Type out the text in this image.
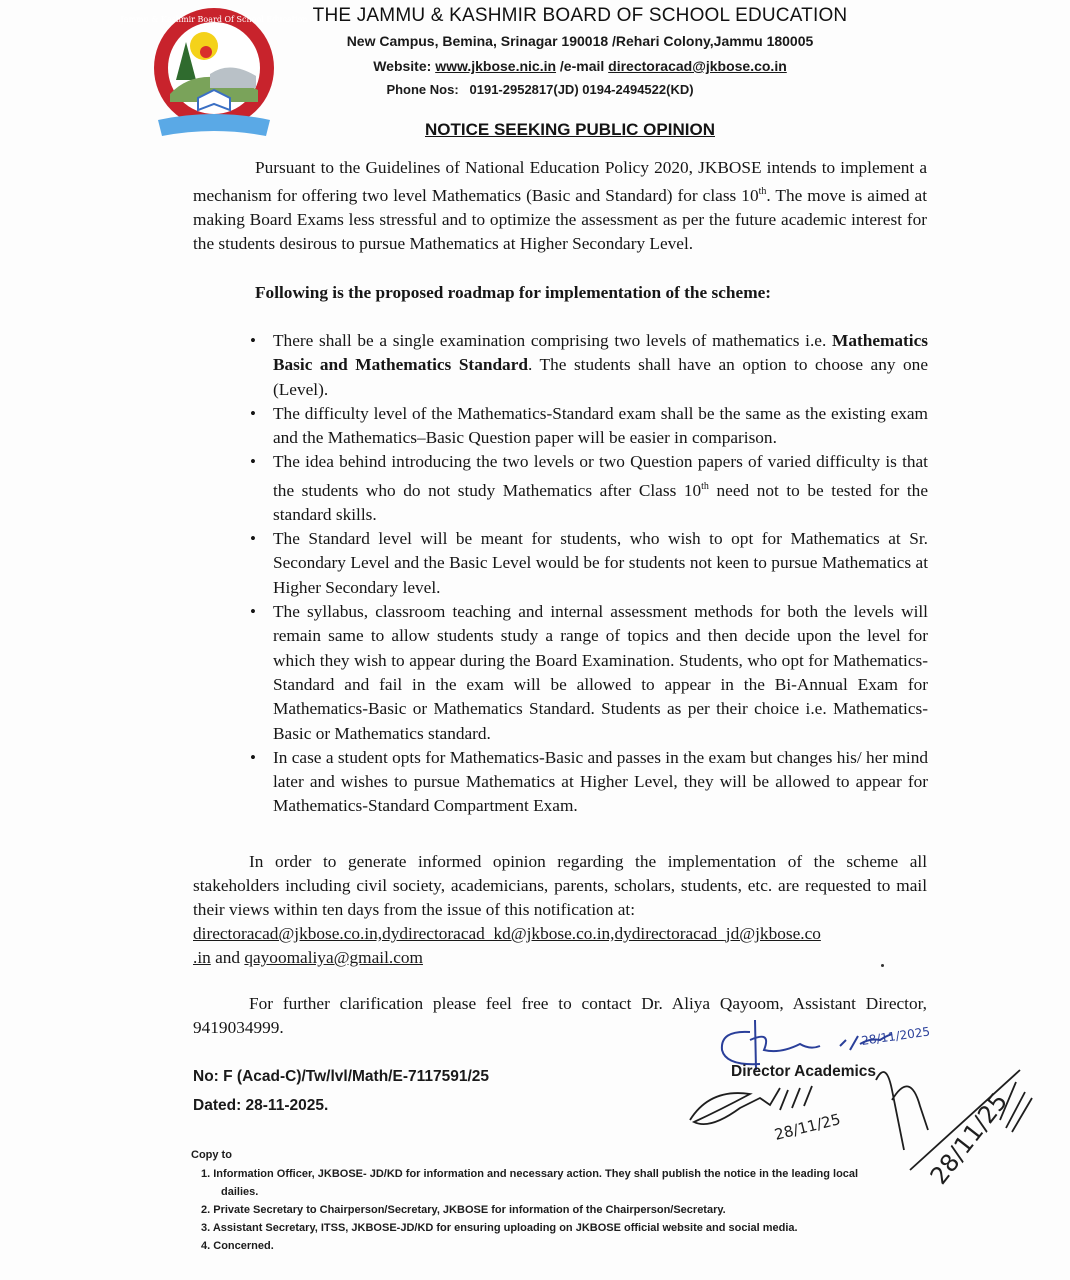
Jammu & Kashmir Board Of School Education THE JAMMU & KASHMIR BOARD OF SCHOOL EDUCATION
New Campus, Bemina, Srinagar 190018 /Rehari Colony,Jammu 180005
Website: www.jkbose.nic.in /e-mail directoracad@jkbose.co.in
Phone Nos: 0191-2952817(JD) 0194-2494522(KD)
NOTICE SEEKING PUBLIC OPINION
Pursuant to the Guidelines of National Education Policy 2020, JKBOSE intends to implement a mechanism for offering two level Mathematics (Basic and Standard) for class 10th. The move is aimed at making Board Exams less stressful and to optimize the assessment as per the future academic interest for the students desirous to pursue Mathematics at Higher Secondary Level.
Following is the proposed roadmap for implementation of the scheme:
• There shall be a single examination comprising two levels of mathematics i.e. Mathematics Basic and Mathematics Standard. The students shall have an option to choose any one (Level).
• The difficulty level of the Mathematics-Standard exam shall be the same as the existing exam and the Mathematics–Basic Question paper will be easier in comparison.
• The idea behind introducing the two levels or two Question papers of varied difficulty is that the students who do not study Mathematics after Class 10th need not to be tested for the standard skills.
• The Standard level will be meant for students, who wish to opt for Mathematics at Sr. Secondary Level and the Basic Level would be for students not keen to pursue Mathematics at Higher Secondary level.
• The syllabus, classroom teaching and internal assessment methods for both the levels will remain same to allow students study a range of topics and then decide upon the level for which they wish to appear during the Board Examination. Students, who opt for Mathematics-Standard and fail in the exam will be allowed to appear in the Bi-Annual Exam for Mathematics-Basic or Mathematics Standard. Students as per their choice i.e. Mathematics- Basic or Mathematics standard.
• In case a student opts for Mathematics-Basic and passes in the exam but changes his/ her mind later and wishes to pursue Mathematics at Higher Level, they will be allowed to appear for Mathematics-Standard Compartment Exam.
In order to generate informed opinion regarding the implementation of the scheme all stakeholders including civil society, academicians, parents, scholars, students, etc. are requested to mail their views within ten days from the issue of this notification at:
directoracad@jkbose.co.in,dydirectoracad_kd@jkbose.co.in,dydirectoracad_jd@jkbose.co
.in and qayoomaliya@gmail.com
For further clarification please feel free to contact Dr. Aliya Qayoom, Assistant Director, 9419034999.
No: F (Acad-C)/Tw/lvl/Math/E-7117591/25
Dated: 28-11-2025.
28/11/2025
28/11/25	28/11/25
Director Academics
Copy to
1. Information Officer, JKBOSE- JD/KD for information and necessary action. They shall publish the notice in the leading local
dailies.
2. Private Secretary to Chairperson/Secretary, JKBOSE for information of the Chairperson/Secretary.
3. Assistant Secretary, ITSS, JKBOSE-JD/KD for ensuring uploading on JKBOSE official website and social media.
4. Concerned.
